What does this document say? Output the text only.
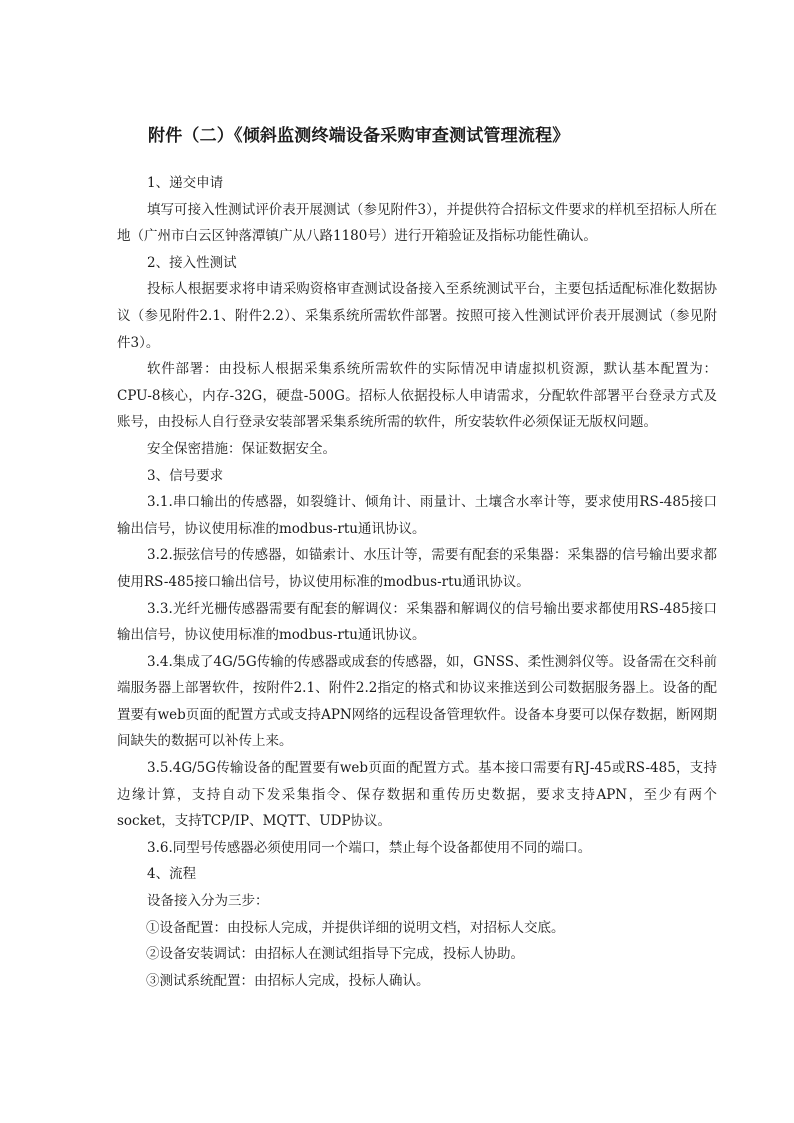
附件（二）《倾斜监测终端设备采购审查测试管理流程》

1、递交申请

填写可接入性测试评价表开展测试（参见附件3），并提供符合招标文件要求的样机至招标人所在地（广州市白云区钟落潭镇广从八路1180号）进行开箱验证及指标功能性确认。

2、接入性测试

投标人根据要求将申请采购资格审查测试设备接入至系统测试平台，主要包括适配标准化数据协议（参见附件2.1、附件2.2）、采集系统所需软件部署。按照可接入性测试评价表开展测试（参见附件3）。

软件部署：由投标人根据采集系统所需软件的实际情况申请虚拟机资源，默认基本配置为：CPU-8核心，内存-32G，硬盘-500G。招标人依据投标人申请需求，分配软件部署平台登录方式及账号，由投标人自行登录安装部署采集系统所需的软件，所安装软件必须保证无版权问题。

安全保密措施：保证数据安全。

3、信号要求

3.1.串口输出的传感器，如裂缝计、倾角计、雨量计、土壤含水率计等，要求使用RS-485接口输出信号，协议使用标准的modbus-rtu通讯协议。

3.2.振弦信号的传感器，如锚索计、水压计等，需要有配套的采集器：采集器的信号输出要求都使用RS-485接口输出信号，协议使用标准的modbus-rtu通讯协议。

3.3.光纤光栅传感器需要有配套的解调仪：采集器和解调仪的信号输出要求都使用RS-485接口输出信号，协议使用标准的modbus-rtu通讯协议。

3.4.集成了4G/5G传输的传感器或成套的传感器，如，GNSS、柔性测斜仪等。设备需在交科前端服务器上部署软件，按附件2.1、附件2.2指定的格式和协议来推送到公司数据服务器上。设备的配置要有web页面的配置方式或支持APN网络的远程设备管理软件。设备本身要可以保存数据，断网期间缺失的数据可以补传上来。

3.5.4G/5G传输设备的配置要有web页面的配置方式。基本接口需要有RJ-45或RS-485，支持边缘计算，支持自动下发采集指令、保存数据和重传历史数据，要求支持APN，至少有两个socket，支持TCP/IP、MQTT、UDP协议。

3.6.同型号传感器必须使用同一个端口，禁止每个设备都使用不同的端口。

4、流程

设备接入分为三步：

①设备配置：由投标人完成，并提供详细的说明文档，对招标人交底。

②设备安装调试：由招标人在测试组指导下完成，投标人协助。

③测试系统配置：由招标人完成，投标人确认。
